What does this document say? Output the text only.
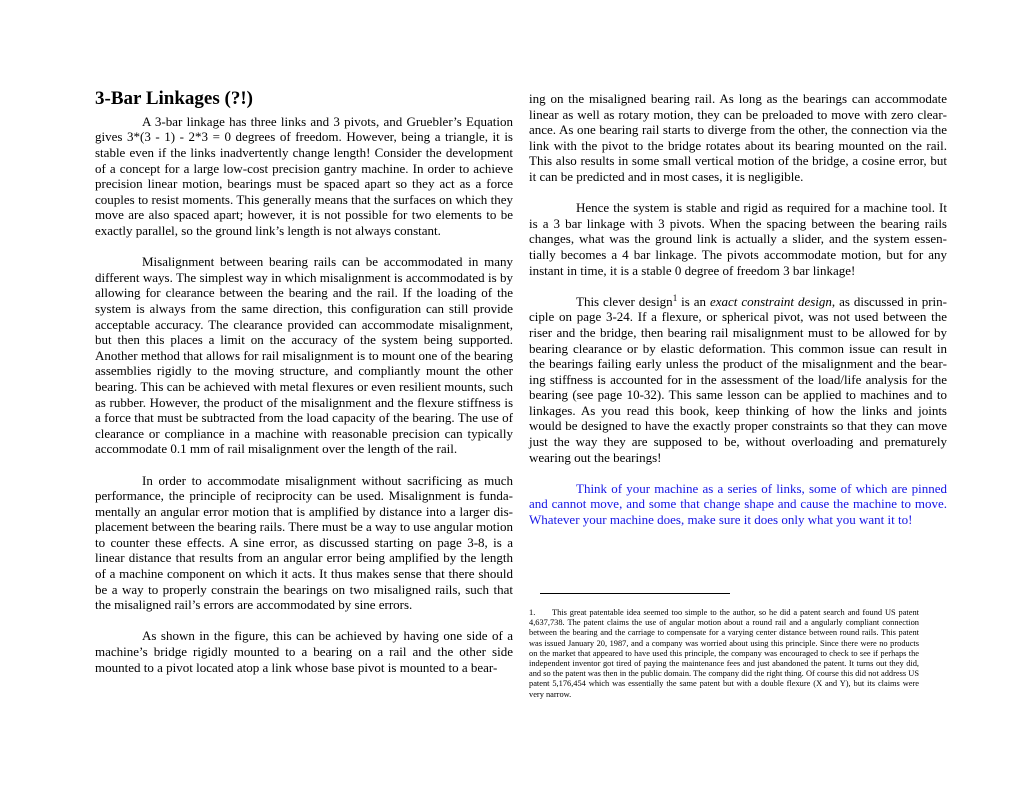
3-Bar Linkages (?!)

A 3-bar linkage has three links and 3 pivots, and Gruebler’s Equation gives 3*(3 - 1) - 2*3 = 0 degrees of freedom. However, being a triangle, it is stable even if the links inadvertently change length! Consider the development of a concept for a large low-cost precision gantry machine. In order to achieve precision linear motion, bearings must be spaced apart so they act as a force couples to resist moments. This generally means that the surfaces on which they move are also spaced apart; however, it is not possible for two elements to be exactly parallel, so the ground link’s length is not always constant.

Misalignment between bearing rails can be accommodated in many different ways. The simplest way in which misalignment is accommodated is by allowing for clearance between the bearing and the rail. If the loading of the system is always from the same direction, this configuration can still provide acceptable accuracy. The clearance provided can accommodate misalignment, but then this places a limit on the accuracy of the system being supported. Another method that allows for rail misalignment is to mount one of the bearing assemblies rigidly to the moving structure, and compliantly mount the other bearing. This can be achieved with metal flexures or even resilient mounts, such as rubber. However, the product of the misalignment and the flexure stiffness is a force that must be subtracted from the load capacity of the bearing. The use of clearance or compliance in a machine with reasonable precision can typically accommodate 0.1 mm of rail misalignment over the length of the rail.

In order to accommodate misalignment without sacrificing as much performance, the principle of reciprocity can be used. Misalignment is fundamentally an angular error motion that is amplified by distance into a larger displacement between the bearing rails. There must be a way to use angular motion to counter these effects. A sine error, as discussed starting on page 3-8, is a linear distance that results from an angular error being amplified by the length of a machine component on which it acts. It thus makes sense that there should be a way to properly constrain the bearings on two misaligned rails, such that the misaligned rail’s errors are accommodated by sine errors.

As shown in the figure, this can be achieved by having one side of a machine’s bridge rigidly mounted to a bearing on a rail and the other side mounted to a pivot located atop a link whose base pivot is mounted to a bear-

ing on the misaligned bearing rail. As long as the bearings can accommodate linear as well as rotary motion, they can be preloaded to move with zero clearance. As one bearing rail starts to diverge from the other, the connection via the link with the pivot to the bridge rotates about its bearing mounted on the rail. This also results in some small vertical motion of the bridge, a cosine error, but it can be predicted and in most cases, it is negligible.

Hence the system is stable and rigid as required for a machine tool. It is a 3 bar linkage with 3 pivots. When the spacing between the bearing rails changes, what was the ground link is actually a slider, and the system essentially becomes a 4 bar linkage. The pivots accommodate motion, but for any instant in time, it is a stable 0 degree of freedom 3 bar linkage!

This clever design$^1$ is an exact constraint design, as discussed in principle on page 3-24. If a flexure, or spherical pivot, was not used between the riser and the bridge, then bearing rail misalignment must to be allowed for by bearing clearance or by elastic deformation. This common issue can result in the bearings failing early unless the product of the misalignment and the bearing stiffness is accounted for in the assessment of the load/life analysis for the bearing (see page 10-32). This same lesson can be applied to machines and to linkages. As you read this book, keep thinking of how the links and joints would be designed to have the exactly proper constraints so that they can move just the way they are supposed to be, without overloading and prematurely wearing out the bearings!

Think of your machine as a series of links, some of which are pinned and cannot move, and some that change shape and cause the machine to move. Whatever your machine does, make sure it does only what you want it to!

1. This great patentable idea seemed too simple to the author, so he did a patent search and found US patent 4,637,738. The patent claims the use of angular motion about a round rail and a angularly compliant connection between the bearing and the carriage to compensate for a varying center distance between round rails. This patent was issued January 20, 1987, and a company was worried about using this principle. Since there were no products on the market that appeared to have used this principle, the company was encouraged to check to see if perhaps the independent inventor got tired of paying the maintenance fees and just abandoned the patent. It turns out they did, and so the patent was then in the public domain. The company did the right thing. Of course this did not address US patent 5,176,454 which was essentially the same patent but with a double flexure (X and Y), but its claims were very narrow.
